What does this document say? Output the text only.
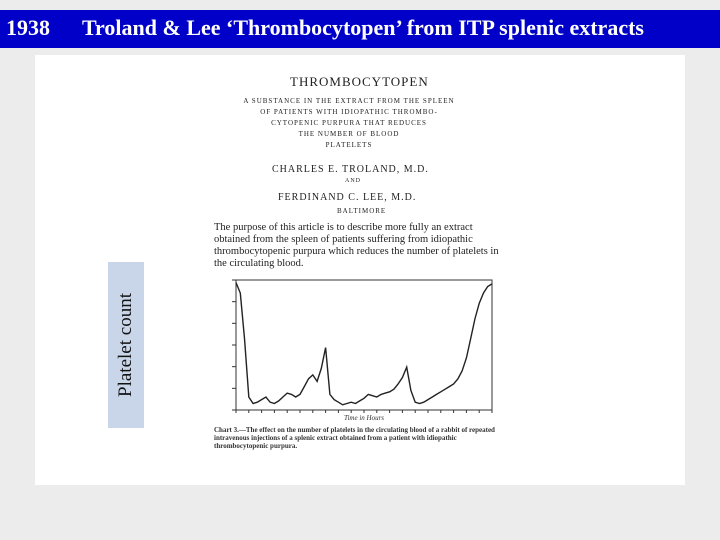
1938 Troland & Lee ‘Thrombocytopen’ from ITP splenic extracts
Platelet count
THROMBOCYTOPEN
A SUBSTANCE IN THE EXTRACT FROM THE SPLEEN
OF PATIENTS WITH IDIOPATHIC THROMBO-
CYTOPENIC PURPURA THAT REDUCES
THE NUMBER OF BLOOD
PLATELETS
CHARLES E. TROLAND, M.D.
AND
FERDINAND C. LEE, M.D.
BALTIMORE
The purpose of this article is to describe more fully an extract obtained from the spleen of patients suffering from idiopathic thrombocytopenic purpura which reduces the number of platelets in the circulating blood.
Time in Hours
Chart 3.—The effect on the number of platelets in the circulating blood of a rabbit of repeated intravenous injections of a splenic extract obtained from a patient with idiopathic thrombocytopenic purpura.
